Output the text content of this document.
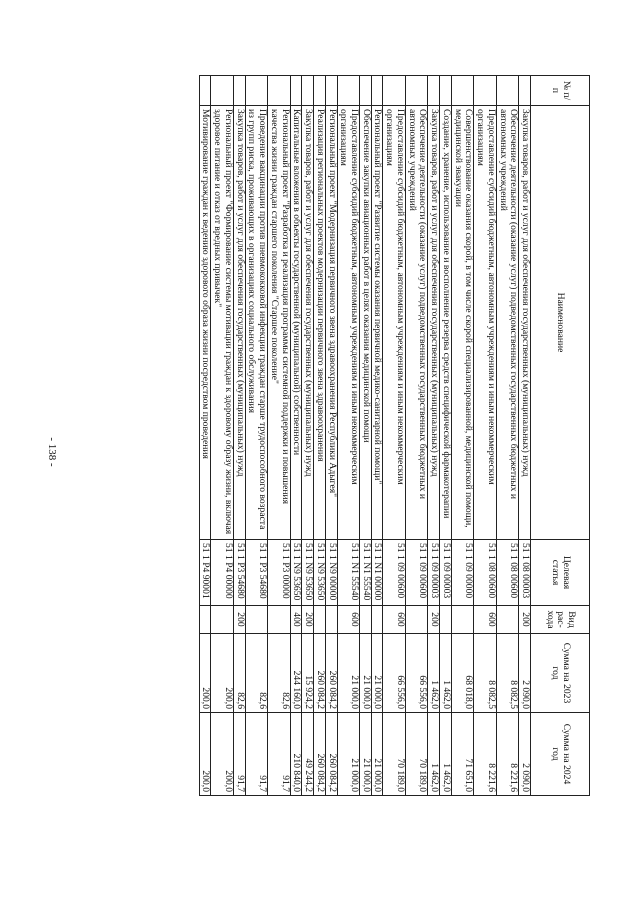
- 138 -
№ п/п	Наименование	Целевая статья	Вид рас-хода	Сумма на 2023 год	Сумма на 2024 год
	Закупка товаров, работ и услуг для обеспечения государственных (муниципальных) нужд	51 1 08 00003	200	2 090,0	2 090,0
	Обеспечение деятельности (оказание услуг) подведомственных государственных бюджетных и автономных учреждений	51 1 08 00600		8 082,5	8 221,6
	Предоставление субсидий бюджетным, автономным учреждениям и иным некоммерческим организациям	51 1 08 00600	600	8 082,5	8 221,6
	Совершенствование оказания скорой, в том числе скорой специализированной, медицинской помощи, медицинской эвакуации	51 1 09 00000		68 018,0	71 651,0
	Создание, хранение, использование и восполнение резерва средств специфической фармакотерапии	51 1 09 00003		1 462,0	1 462,0
	Закупка товаров, работ и услуг для обеспечения государственных (муниципальных) нужд	51 1 09 00003	200	1 462,0	1 462,0
	Обеспечение деятельности (оказание услуг) подведомственных государственных бюджетных и автономных учреждений	51 1 09 00600		66 556,0	70 189,0
	Предоставление субсидий бюджетным, автономным учреждениям и иным некоммерческим организациям	51 1 09 00600	600	66 556,0	70 189,0
	Региональный проект "Развитие системы оказания первичной медико-санитарной помощи"	51 1 N1 00000		21 000,0	21 000,0
	Обеспечение закупки авиационных работ в целях оказания медицинской помощи	51 1 N1 55540		21 000,0	21 000,0
	Предоставление субсидий бюджетным, автономным учреждениям и иным некоммерческим организациям	51 1 N1 55540	600	21 000,0	21 000,0
	Региональный проект "Модернизация первичного звена здравоохранения Республики Адыгея"	51 1 N9 00000		260 084,2	260 084,2
	Реализация региональных проектов модернизации первичного звена здравоохранения	51 1 N9 53650		260 084,2	260 084,2
	Закупка товаров, работ и услуг для обеспечения государственных (муниципальных) нужд	51 1 N9 53650	200	15 924,2	49 244,2
	Капитальные вложения в объекты государственной (муниципальной) собственности	51 1 N9 53650	400	244 160,0	210 840,0
	Региональный проект "Разработка и реализация программы системной поддержки и повышения качества жизни граждан старшего поколения "Старшее поколение"	51 1 P3 00000		82,6	91,7
	Проведение вакцинации против пневмококковой инфекции граждан старше трудоспособного возраста из групп риска, проживающих в организациях социального обслуживания	51 1 P3 54680		82,6	91,7
	Закупка товаров, работ и услуг для обеспечения государственных (муниципальных) нужд	51 1 P3 54680	200	82,6	91,7
	Региональный проект "Формирование системы мотивации граждан к здоровому образу жизни, включая здоровое питание и отказ от вредных привычек"	51 1 P4 00000		200,0	200,0
	Мотивирование граждан к ведению здорового образа жизни посредством проведения	51 1 P4 90001		200,0	200,0
